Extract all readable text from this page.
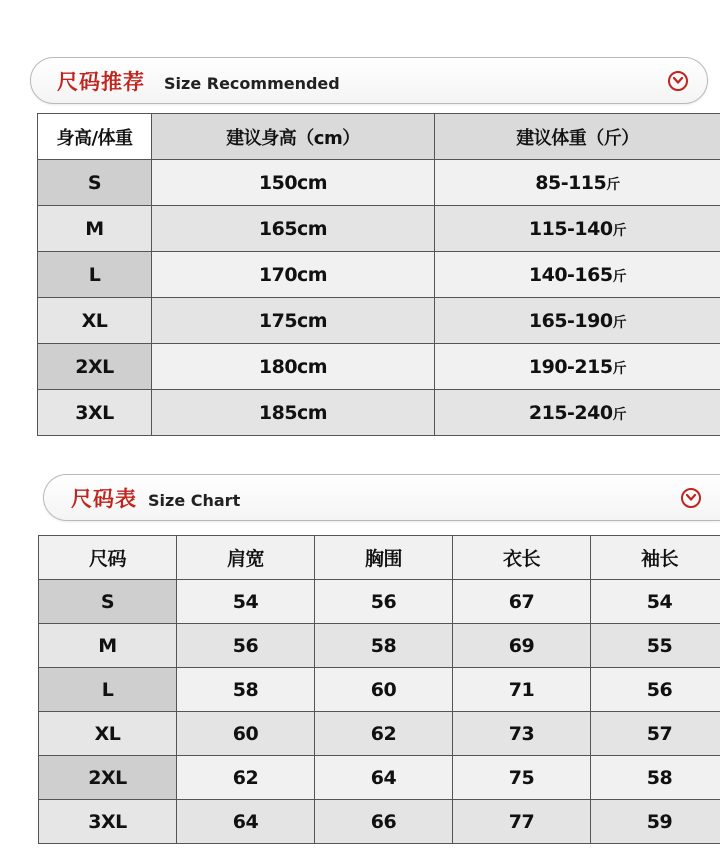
尺码推荐 Size Recommended
身高/体重	建议身高（cm）	建议体重（斤）
S	150cm	85-115斤
M	165cm	115-140斤
L	170cm	140-165斤
XL	175cm	165-190斤
2XL	180cm	190-215斤
3XL	185cm	215-240斤
尺码表 Size Chart
尺码	肩宽	胸围	衣长	袖长
S	54	56	67	54
M	56	58	69	55
L	58	60	71	56
XL	60	62	73	57
2XL	62	64	75	58
3XL	64	66	77	59
